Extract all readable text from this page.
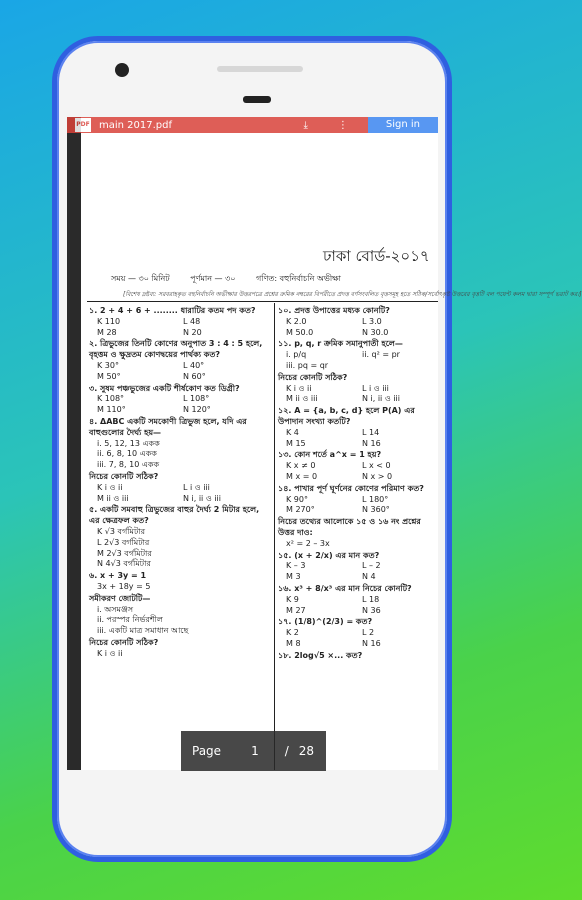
ঢাকা বোর্ড-২০১৭
সময় — ৩০ মিনিট	পূর্ণমান — ৩০	গণিত: বহুনির্বাচনি অভীক্ষা
[বিশেষ দ্রষ্টব্য: সরবরাহকৃত বহুনির্বাচনি অভীক্ষার উত্তরপত্রে প্রশ্নের ক্রমিক নম্বরের বিপরীতে প্রদত্ত বর্ণসংবলিত বৃত্তসমূহ হতে সঠিক/সর্বোৎকৃষ্ট উত্তরের বৃত্তটি বল পয়েন্ট কলম দ্বারা সম্পূর্ণ ভরাট কর।]
১. 2 + 4 + 6 + ........ ধারাটির কতম পদ কত?
K 110	L 48
M 28	N 20
২. ত্রিভুজের তিনটি কোণের অনুপাত 3 : 4 : 5 হলে, বৃহত্তম ও ক্ষুদ্রতম কোণদ্বয়ের পার্থক্য কত?
K 30°	L 40°
M 50°	N 60°
৩. সুষম পঞ্চভুজের একটি শীর্ষকোণ কত ডিগ্রী?
K 108°	L 108°
M 110°	N 120°
৪. ΔABC একটি সমকোণী ত্রিভুজ হলে, যদি এর বাহুগুলোর দৈর্ঘ্য হয়—
i. 5, 12, 13 একক
ii. 6, 8, 10 একক
iii. 7, 8, 10 একক
নিচের কোনটি সঠিক?
K i ও ii	L i ও iii
M ii ও iii	N i, ii ও iii
৫. একটি সমবাহু ত্রিভুজের বাহুর দৈর্ঘ্য 2 মিটার হলে, এর ক্ষেত্রফল কত?
K √3 বর্গমিটার
L 2√3 বর্গমিটার
M 2√3 বর্গমিটার
N 4√3 বর্গমিটার
৬. x + 3y = 1
3x + 18y = 5
সমীকরণ জোটটি—
i. অসমঞ্জস
ii. পরস্পর নির্ভরশীল
iii. একটি মাত্র সমাধান আছে
নিচের কোনটি সঠিক?
K i ও ii
১০. প্রদত্ত উপাত্তের মধ্যক কোনটি?
K 2.0	L 3.0
M 50.0	N 30.0
১১. p, q, r ক্রমিক সমানুপাতী হলে—
i. p/q	ii. q² = pr
iii. pq = qr
নিচের কোনটি সঠিক?
K i ও ii	L i ও iii
M ii ও iii	N i, ii ও iii
১২. A = {a, b, c, d} হলে P(A) এর উপাদান সংখ্যা কতটি?
K 4	L 14
M 15	N 16
১৩. কোন শর্তে a^x = 1 হয়?
K x ≠ 0	L x < 0
M x = 0	N x > 0
১৪. পাখার পূর্ণ ঘূর্ণনের কোণের পরিমাণ কত?
K 90°	L 180°
M 270°	N 360°
নিচের তথ্যের আলোকে ১৫ ও ১৬ নং প্রশ্নের উত্তর দাও:
x² = 2 – 3x
১৫. (x + 2/x) এর মান কত?
K – 3	L – 2
M 3	N 4
১৬. x³ + 8/x³ এর মান নিচের কোনটি?
K 9	L 18
M 27	N 36
১৭. (1/8)^(2/3) = কত?
K 2	L 2
M 8	N 16
১৮. 2log√5 ×... কত?
PDF main 2017.pdf	⤓	⋮	Sign in
Page	1 / 28
